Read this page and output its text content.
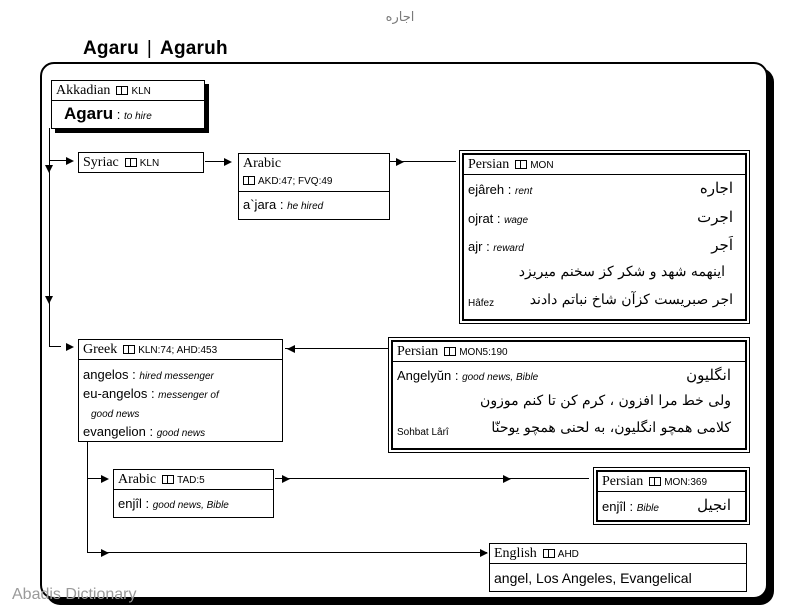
اجاره
Agaru | Agaruh
Akkadian KLN
Agaru : to hire
Syriac KLN	Arabic
AKD:47; FVQ:49
a`jara : he hired
Persian MON
ejâreh : rent	اجاره
ojrat : wage	اجرت
ajr : reward	اَجر
اینهمه شهد و شکر کز سخنم میریزد
Hâfez	اجر صبریست کزآن شاخ نباتم دادند
Greek KLN:74; AHD:453
angelos : hired messenger
eu-angelos : messenger of
good news
evangelion : good news
Persian MON5:190
Angelyŭn : good news, Bible	انگلیون
ولی خط مرا افزون ، کرم کن تا کنم موزون
Sohbat Lârî	کلامی همچو انگلیون، به لحنی همچو یوحنّا
Arabic TAD:5
enjîl : good news, Bible
Persian MON:369
enjîl : Bible	انجیل
English AHD
angel, Los Angeles, Evangelical
Abadis Dictionary
